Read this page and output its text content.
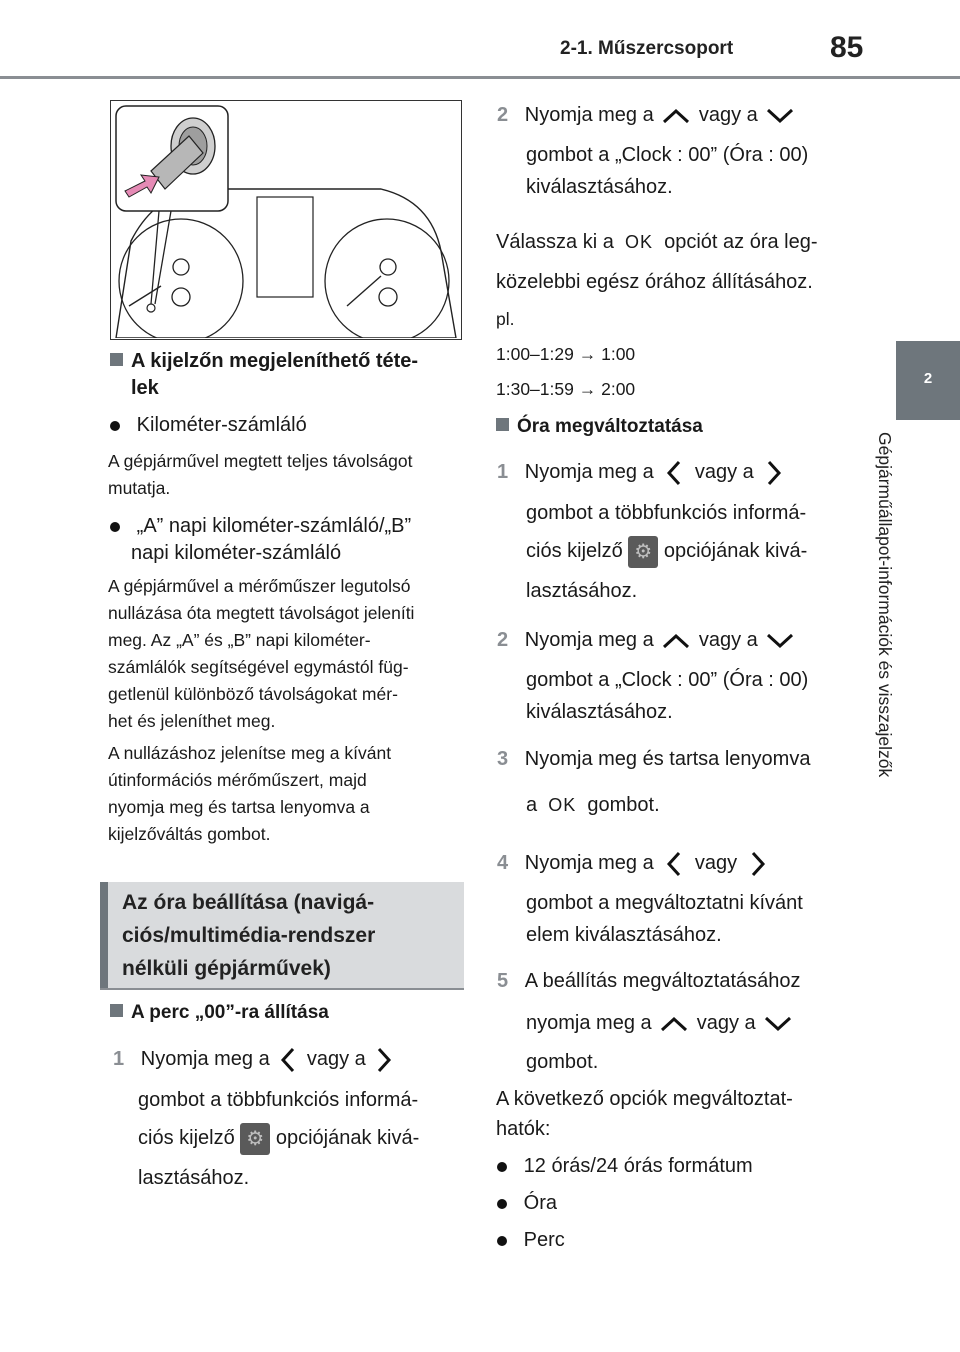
2-1. Műszercsoport	85
2
Gépjárműállapot-információk és visszajelzők
A kijelzőn megjeleníthető téte-
lek
Kilométer-számláló
A gépjárművel megtett teljes távolságot
mutatja.
„A” napi kilométer-számláló/„B”
napi kilométer-számláló
A gépjárművel a mérőműszer legutolsó
nullázása óta megtett távolságot jeleníti
meg. Az „A” és „B” napi kilométer-
számlálók segítségével egymástól füg-
getlenül különböző távolságokat mér-
het és jeleníthet meg.
A nullázáshoz jelenítse meg a kívánt
útinformációs mérőműszert, majd
nyomja meg és tartsa lenyomva a
kijelzőváltás gombot.
Az óra beállítása (navigá-
ciós/multimédia-rendszer
nélküli gépjárművek)
A perc „00”-ra állítása
1 Nyomja meg a vagy a
gombot a többfunkciós informá-
ciós kijelző ⚙ opciójának kivá-
lasztásához.
2 Nyomja meg a vagy a
gombot a „Clock : 00” (Óra : 00)
kiválasztásához.
Válassza ki a OK opciót az óra leg-
közelebbi egész órához állításához.
pl.
1:00–1:29 → 1:00
1:30–1:59 → 2:00
Óra megváltoztatása
1 Nyomja meg a vagy a
gombot a többfunkciós informá-
ciós kijelző ⚙ opciójának kivá-
lasztásához.
2 Nyomja meg a vagy a
gombot a „Clock : 00” (Óra : 00)
kiválasztásához.
3 Nyomja meg és tartsa lenyomva
a OK gombot.
4 Nyomja meg a vagy
gombot a megváltoztatni kívánt
elem kiválasztásához.
5 A beállítás megváltoztatásához
nyomja meg a vagy a
gombot.
A következő opciók megváltoztat-
hatók:
12 órás/24 órás formátum
Óra
Perc
